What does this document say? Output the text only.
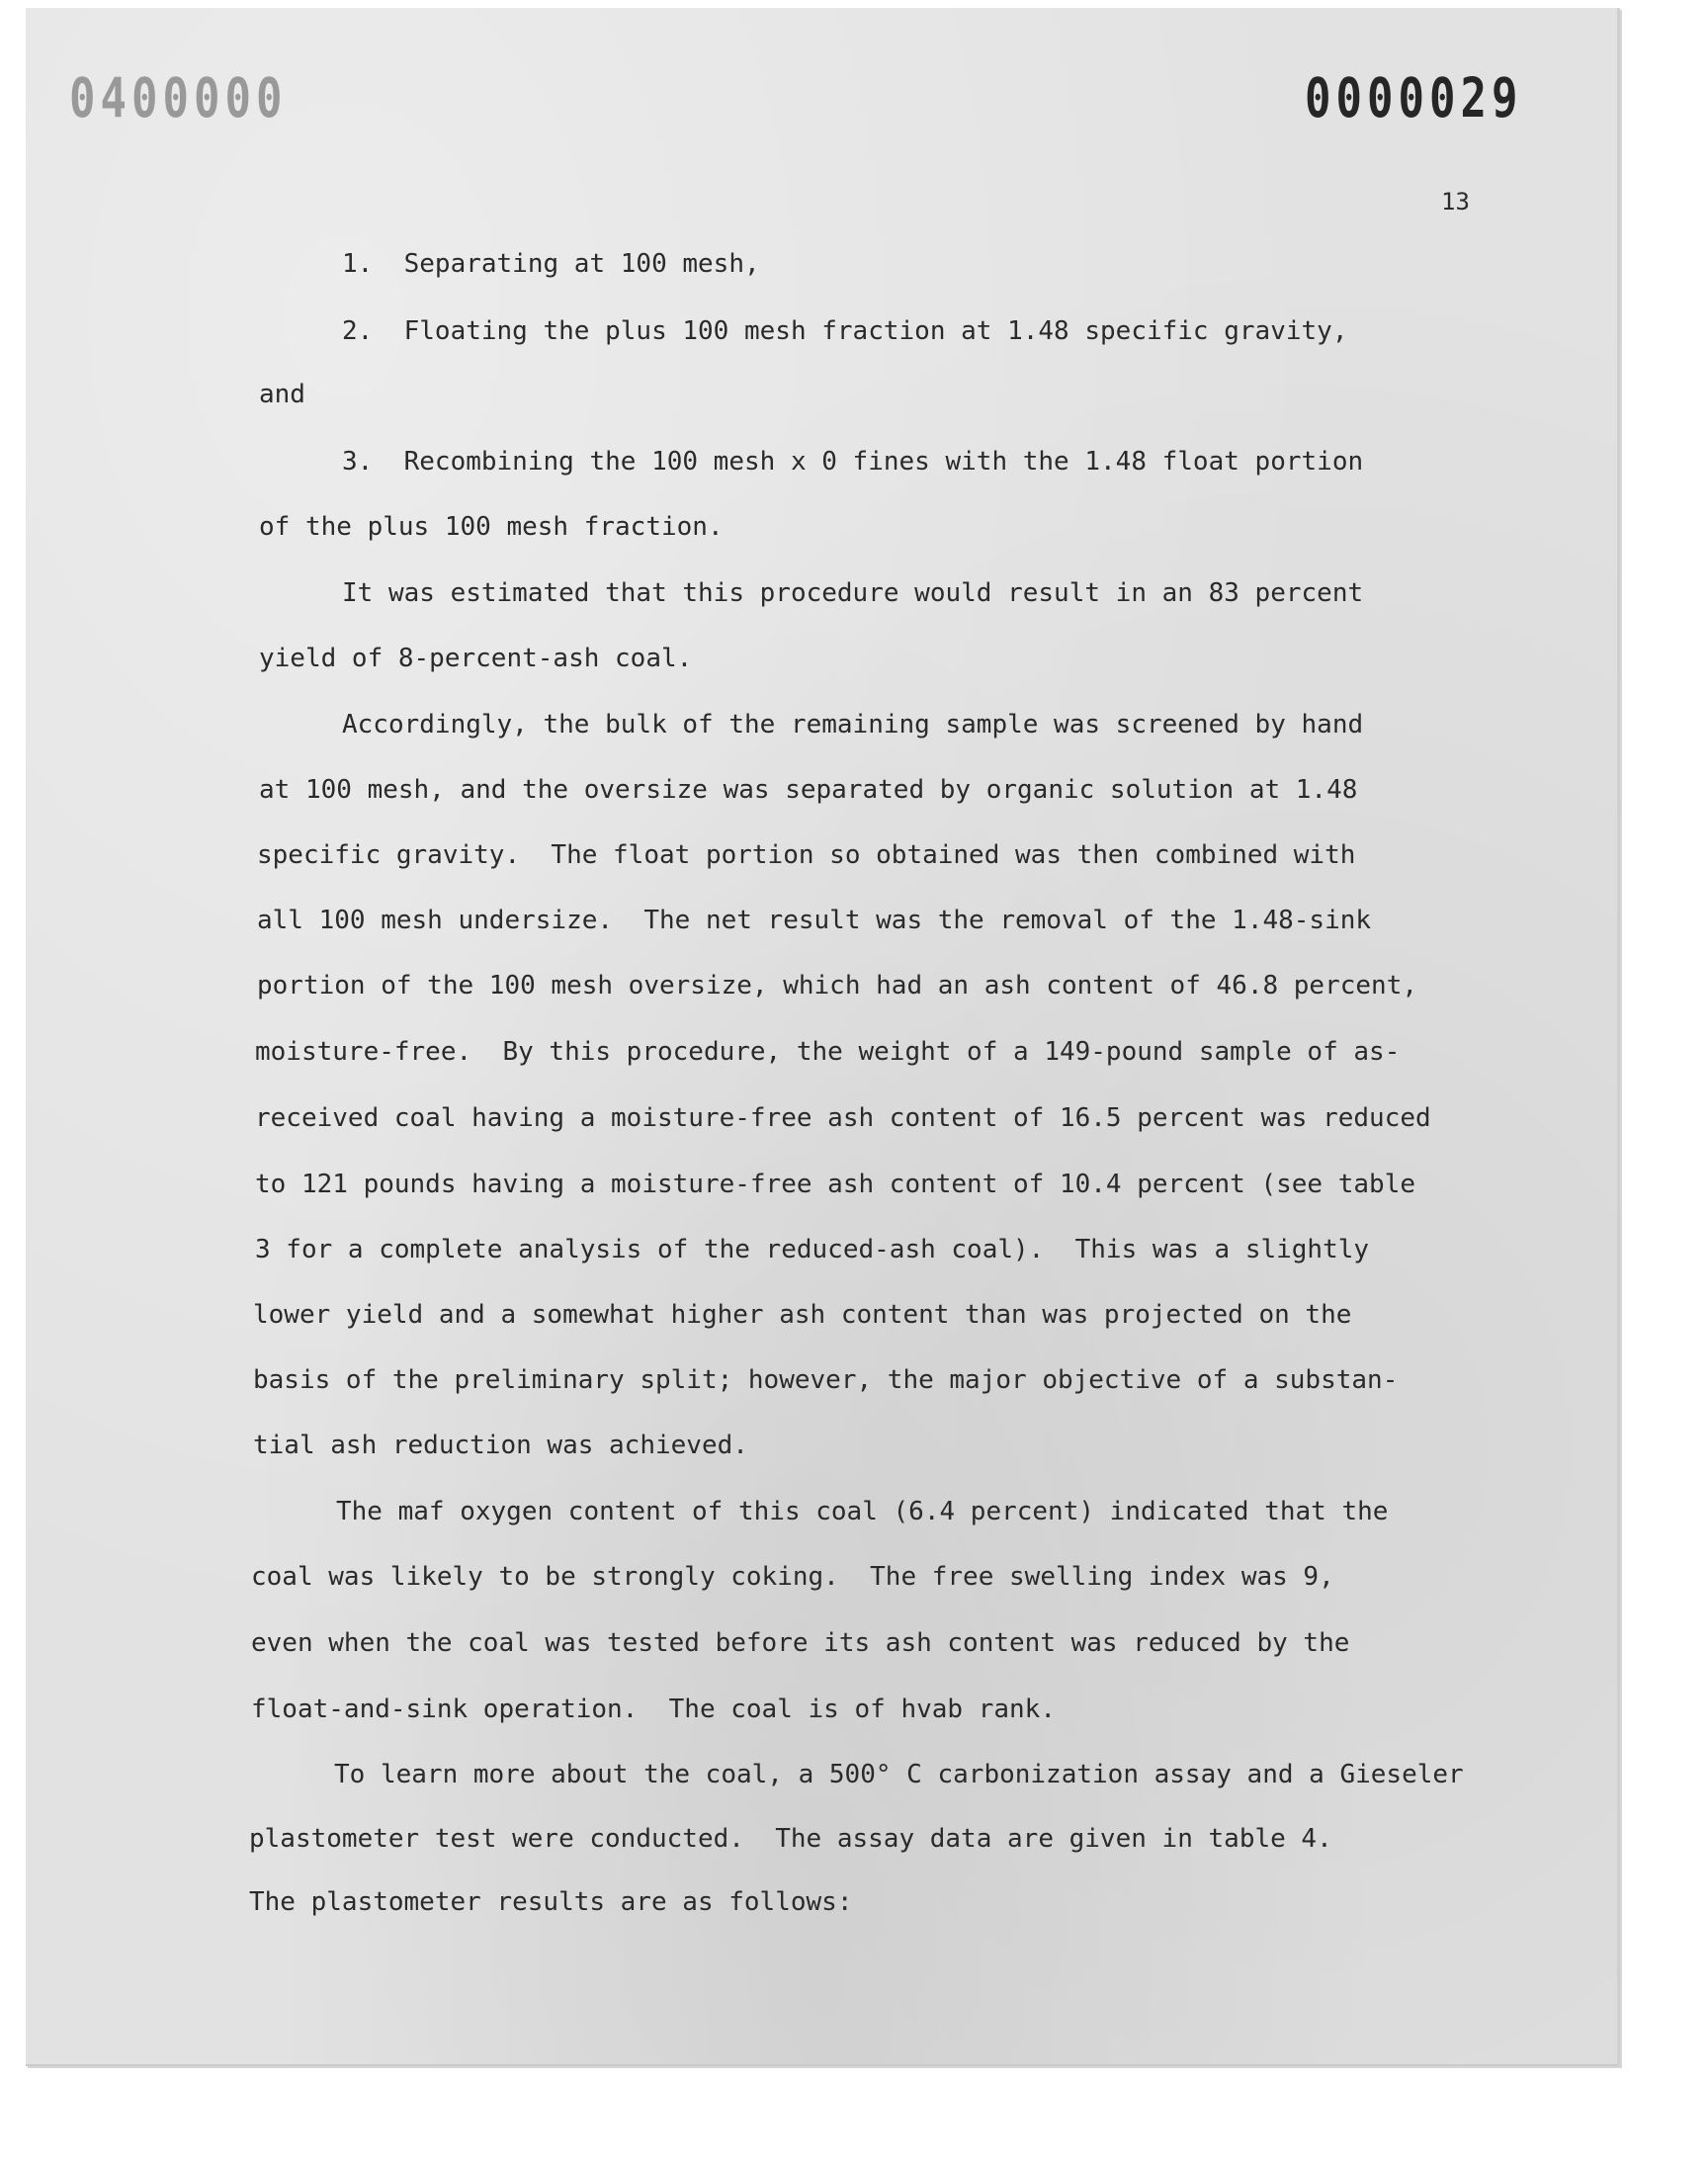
0400000	0000029
13
1.  Separating at 100 mesh,
2.  Floating the plus 100 mesh fraction at 1.48 specific gravity,
and
3.  Recombining the 100 mesh x 0 fines with the 1.48 float portion
of the plus 100 mesh fraction.
It was estimated that this procedure would result in an 83 percent
yield of 8-percent-ash coal.
Accordingly, the bulk of the remaining sample was screened by hand
at 100 mesh, and the oversize was separated by organic solution at 1.48
specific gravity.  The float portion so obtained was then combined with
all 100 mesh undersize.  The net result was the removal of the 1.48-sink
portion of the 100 mesh oversize, which had an ash content of 46.8 percent,
moisture-free.  By this procedure, the weight of a 149-pound sample of as-
received coal having a moisture-free ash content of 16.5 percent was reduced
to 121 pounds having a moisture-free ash content of 10.4 percent (see table
3 for a complete analysis of the reduced-ash coal).  This was a slightly
lower yield and a somewhat higher ash content than was projected on the
basis of the preliminary split; however, the major objective of a substan-
tial ash reduction was achieved.
The maf oxygen content of this coal (6.4 percent) indicated that the
coal was likely to be strongly coking.  The free swelling index was 9,
even when the coal was tested before its ash content was reduced by the
float-and-sink operation.  The coal is of hvab rank.
To learn more about the coal, a 500° C carbonization assay and a Gieseler
plastometer test were conducted.  The assay data are given in table 4.
The plastometer results are as follows:
